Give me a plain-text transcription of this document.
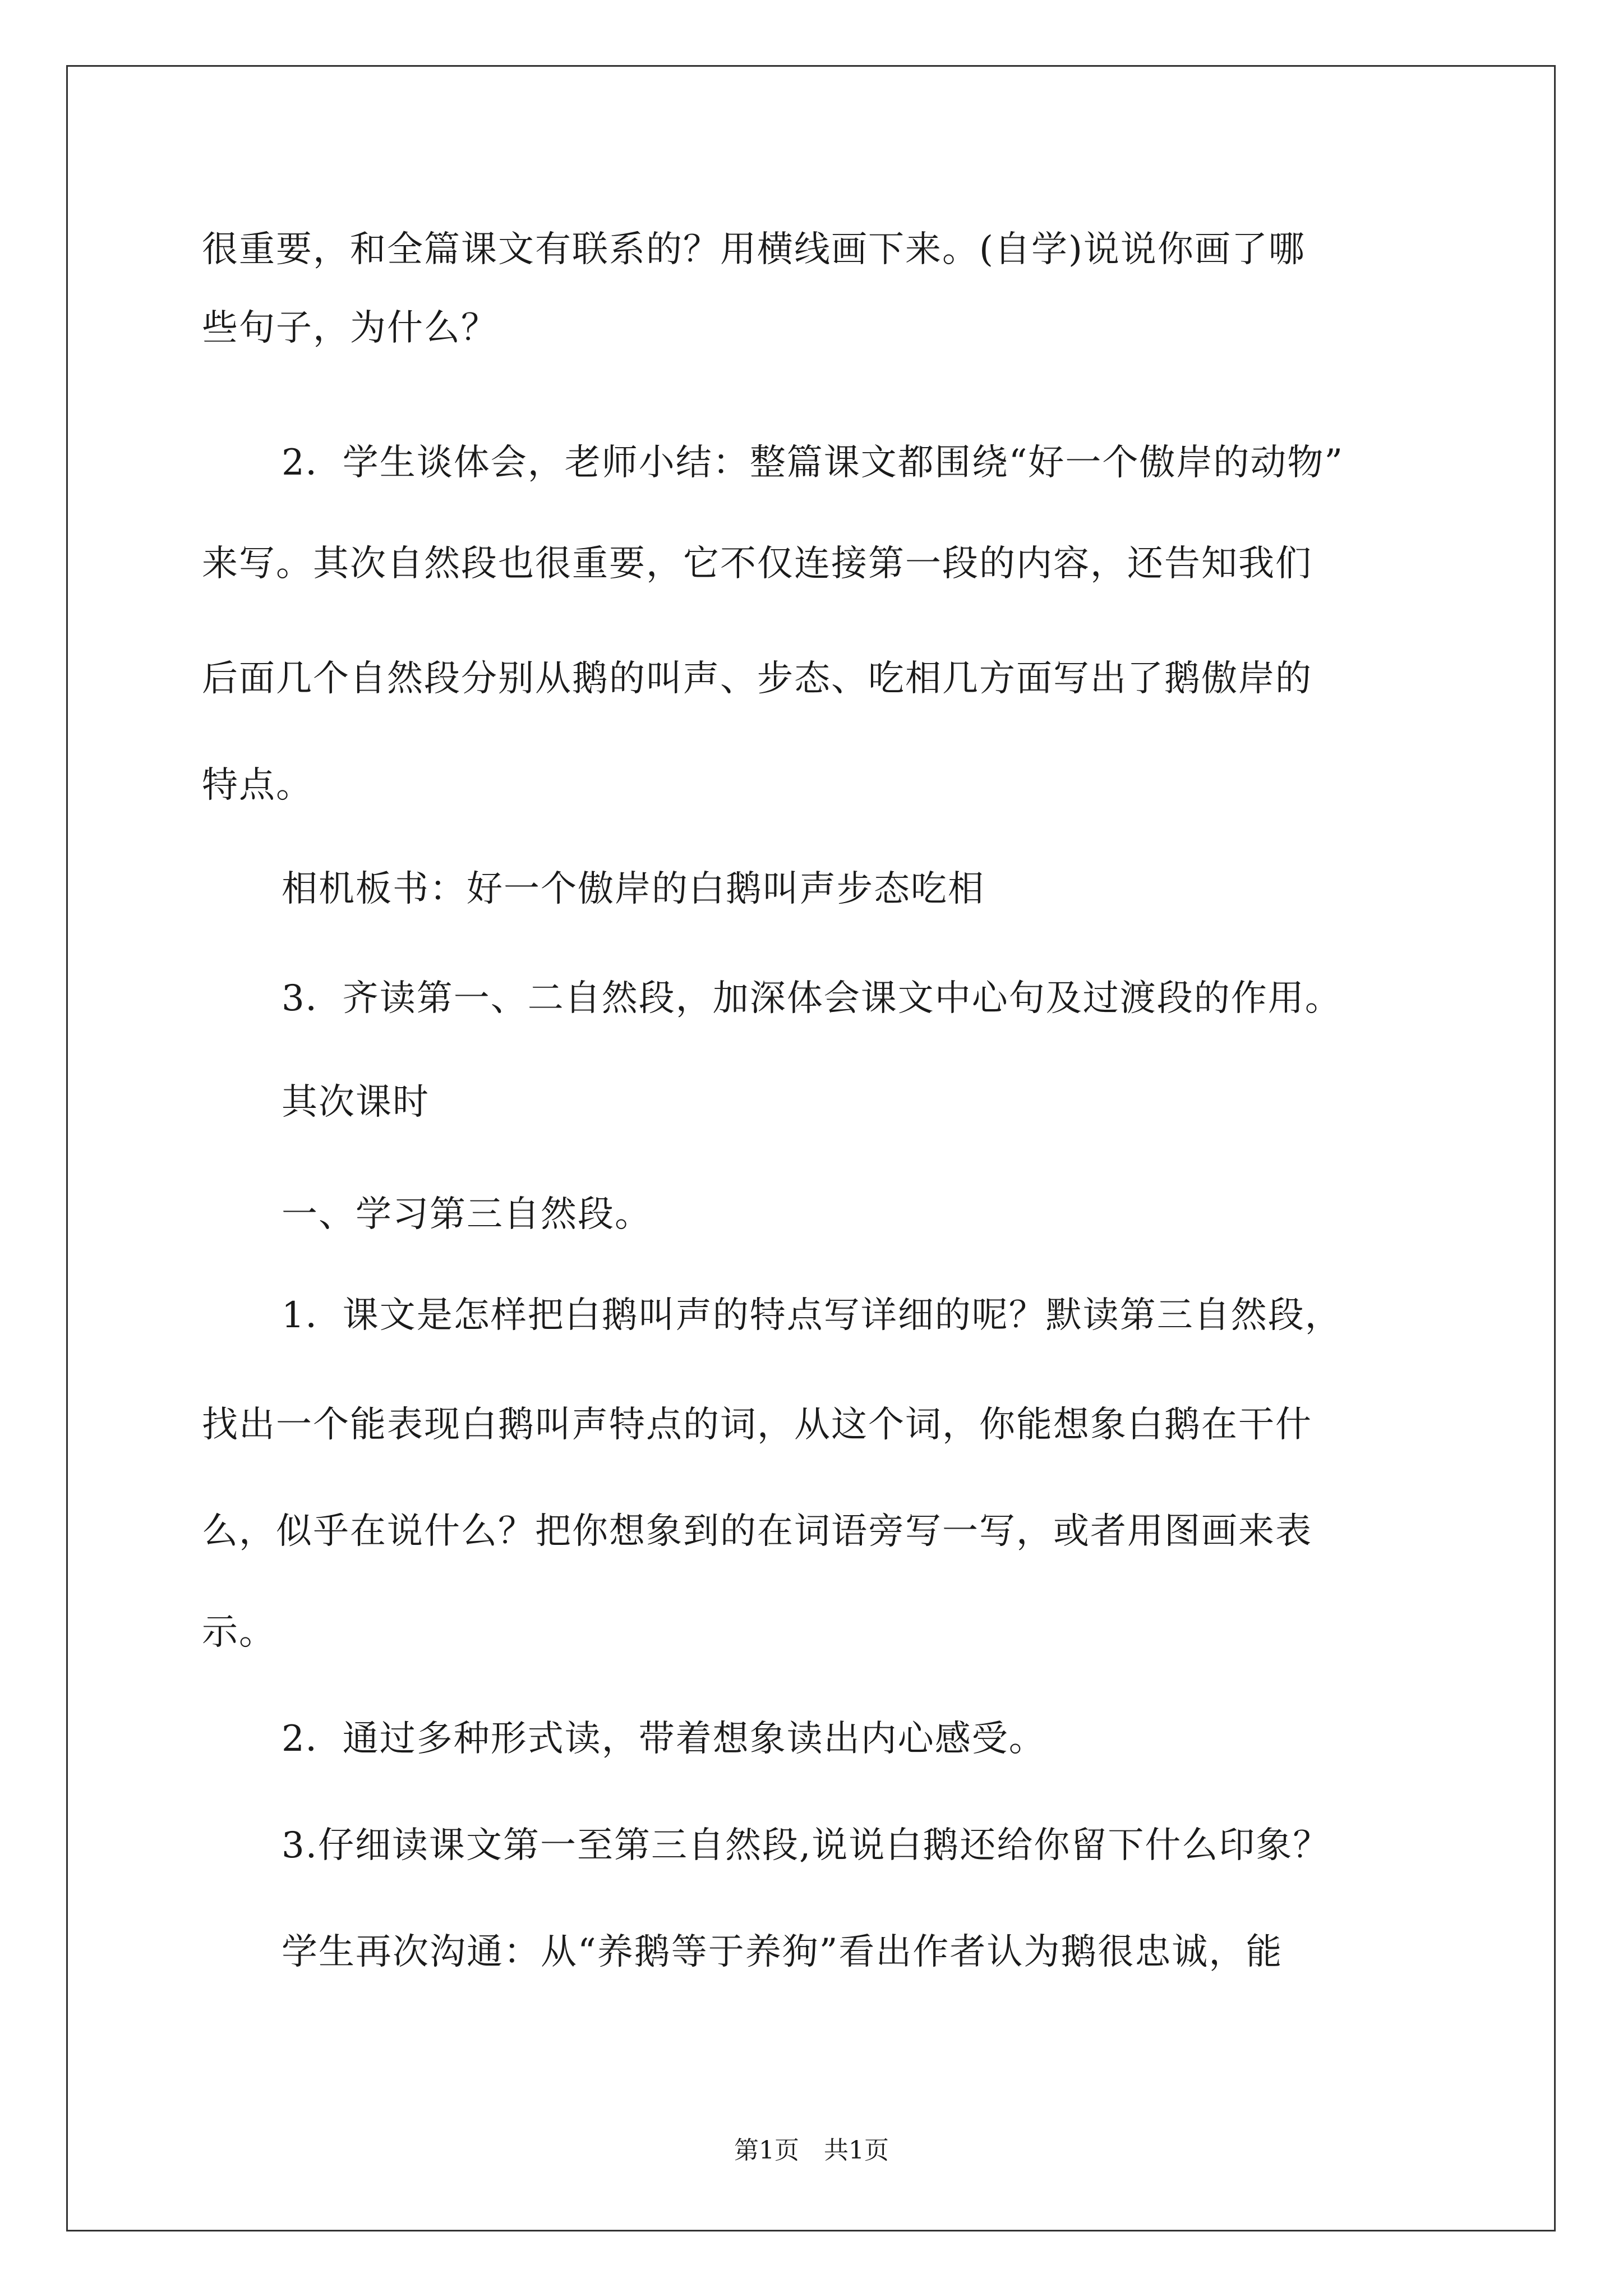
很重要，和全篇课文有联系的？用横线画下来。(自学)说说你画了哪
些句子，为什么？
2．学生谈体会，老师小结：整篇课文都围绕“好一个傲岸的动物”
来写。其次自然段也很重要，它不仅连接第一段的内容，还告知我们
后面几个自然段分别从鹅的叫声、步态、吃相几方面写出了鹅傲岸的
特点。
相机板书：好一个傲岸的白鹅叫声步态吃相
3．齐读第一、二自然段，加深体会课文中心句及过渡段的作用。
其次课时
一、学习第三自然段。
1．课文是怎样把白鹅叫声的特点写详细的呢？默读第三自然段，
找出一个能表现白鹅叫声特点的词，从这个词，你能想象白鹅在干什
么，似乎在说什么？把你想象到的在词语旁写一写，或者用图画来表
示。
2．通过多种形式读，带着想象读出内心感受。
3.仔细读课文第一至第三自然段,说说白鹅还给你留下什么印象？
学生再次沟通：从“养鹅等于养狗”看出作者认为鹅很忠诚，能
第1页　共1页
